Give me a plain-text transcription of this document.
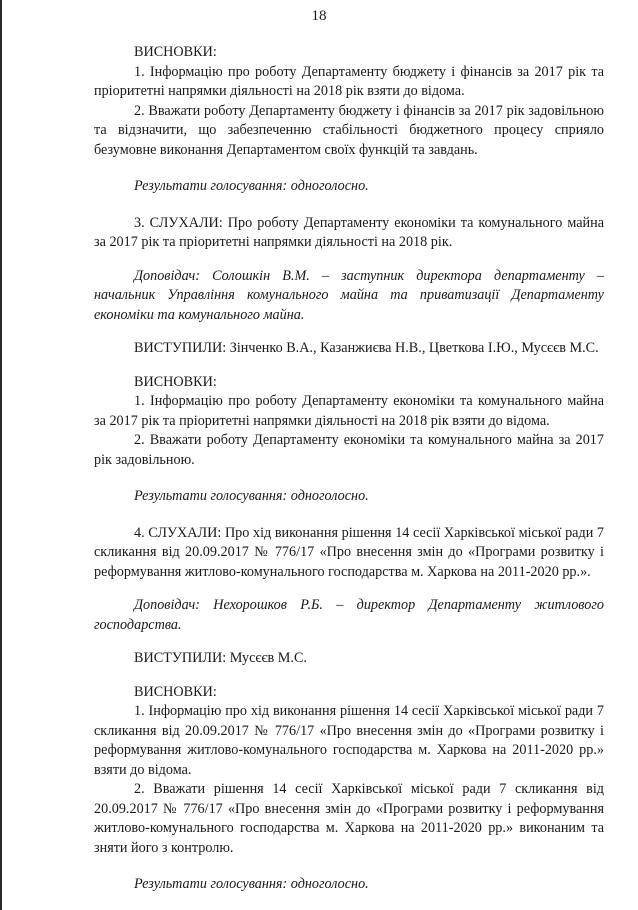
18

ВИСНОВКИ:

1. Інформацію про роботу Департаменту бюджету і фінансів за 2017 рік та пріоритетні напрямки діяльності на 2018 рік взяти до відома.

2. Вважати роботу Департаменту бюджету і фінансів за 2017 рік задовільною та відзначити, що забезпеченню стабільності бюджетного процесу сприяло безумовне виконання Департаментом своїх функцій та завдань.

Результати голосування: одноголосно.

3. СЛУХАЛИ: Про роботу Департаменту економіки та комунального майна за 2017 рік та пріоритетні напрямки діяльності на 2018 рік.

Доповідач: Солошкін В.М. – заступник директора департаменту – начальник Управління комунального майна та приватизації Департаменту економіки та комунального майна.

ВИСТУПИЛИ: Зінченко В.А., Казанжиєва Н.В., Цветкова І.Ю., Мусєєв М.С.

ВИСНОВКИ:

1. Інформацію про роботу Департаменту економіки та комунального майна за 2017 рік та пріоритетні напрямки діяльності на 2018 рік взяти до відома.

2. Вважати роботу Департаменту економіки та комунального майна за 2017 рік задовільною.

Результати голосування: одноголосно.

4. СЛУХАЛИ: Про хід виконання рішення 14 сесії Харківської міської ради 7 скликання від 20.09.2017 № 776/17 «Про внесення змін до «Програми розвитку і реформування житлово-комунального господарства м. Харкова на 2011-2020 рр.».

Доповідач: Нехорошков Р.Б. – директор Департаменту житлового господарства.

ВИСТУПИЛИ: Мусєєв М.С.

ВИСНОВКИ:

1. Інформацію про хід виконання рішення 14 сесії Харківської міської ради 7 скликання від 20.09.2017 № 776/17 «Про внесення змін до «Програми розвитку і реформування житлово-комунального господарства м. Харкова на 2011-2020 рр.» взяти до відома.

2. Вважати рішення 14 сесії Харківської міської ради 7 скликання від 20.09.2017 № 776/17 «Про внесення змін до «Програми розвитку і реформування житлово-комунального господарства м. Харкова на 2011-2020 рр.» виконаним та зняти його з контролю.

Результати голосування: одноголосно.
